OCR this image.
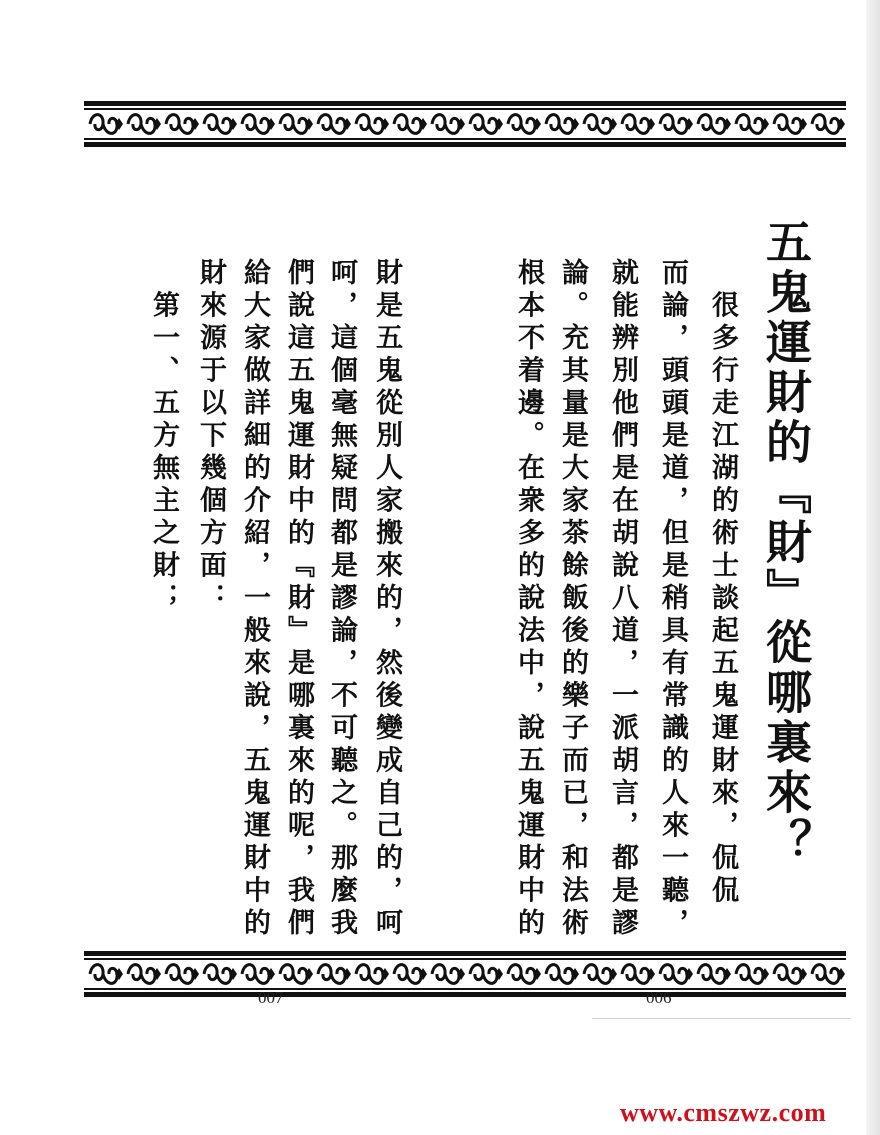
五鬼運財的『財』從哪裏來？
　很多行走江湖的術士談起五鬼運財來，侃侃
而論，頭頭是道，但是稍具有常識的人來一聽，
就能辨別他們是在胡說八道，一派胡言，都是謬
論。充其量是大家茶餘飯後的樂子而已，和法術
根本不着邊。在衆多的說法中，說五鬼運財中的
財是五鬼從別人家搬來的，然後變成自己的，呵
呵，這個毫無疑問都是謬論，不可聽之。那麼我
們說這五鬼運財中的『財』是哪裏來的呢，我們
給大家做詳細的介紹，一般來說，五鬼運財中的
財來源于以下幾個方面：
　第一、五方無主之財；
007	006
www.cmszwz.com
